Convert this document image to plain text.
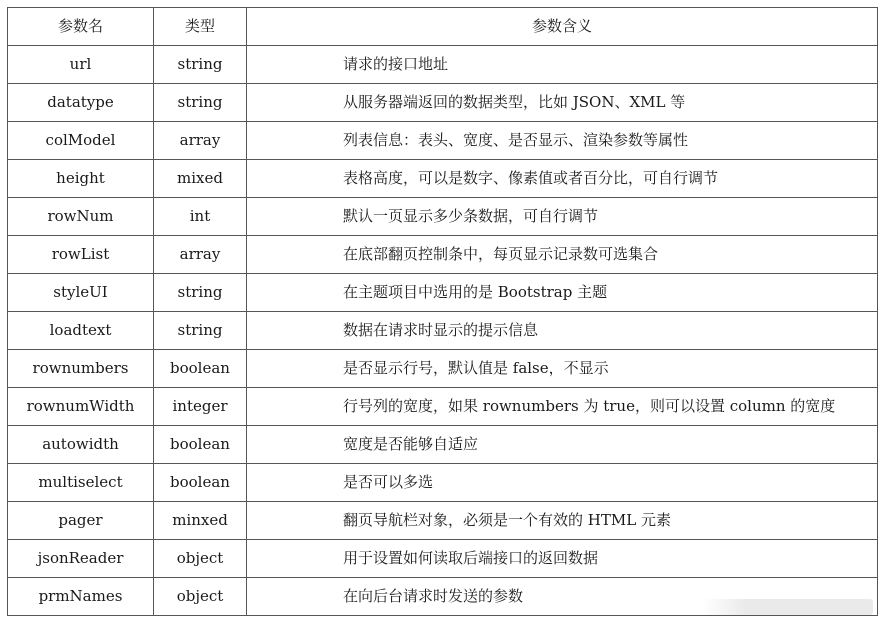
参数名	类型	参数含义
url	string	请求的接口地址
datatype	string	从服务器端返回的数据类型，比如 JSON、XML 等
colModel	array	列表信息：表头、宽度、是否显示、渲染参数等属性
height	mixed	表格高度，可以是数字、像素值或者百分比，可自行调节
rowNum	int	默认一页显示多少条数据，可自行调节
rowList	array	在底部翻页控制条中，每页显示记录数可选集合
styleUI	string	在主题项目中选用的是 Bootstrap 主题
loadtext	string	数据在请求时显示的提示信息
rownumbers	boolean	是否显示行号，默认值是 false，不显示
rownumWidth	integer	行号列的宽度，如果 rownumbers 为 true，则可以设置 column 的宽度
autowidth	boolean	宽度是否能够自适应
multiselect	boolean	是否可以多选
pager	minxed	翻页导航栏对象，必须是一个有效的 HTML 元素
jsonReader	object	用于设置如何读取后端接口的返回数据
prmNames	object	在向后台请求时发送的参数
